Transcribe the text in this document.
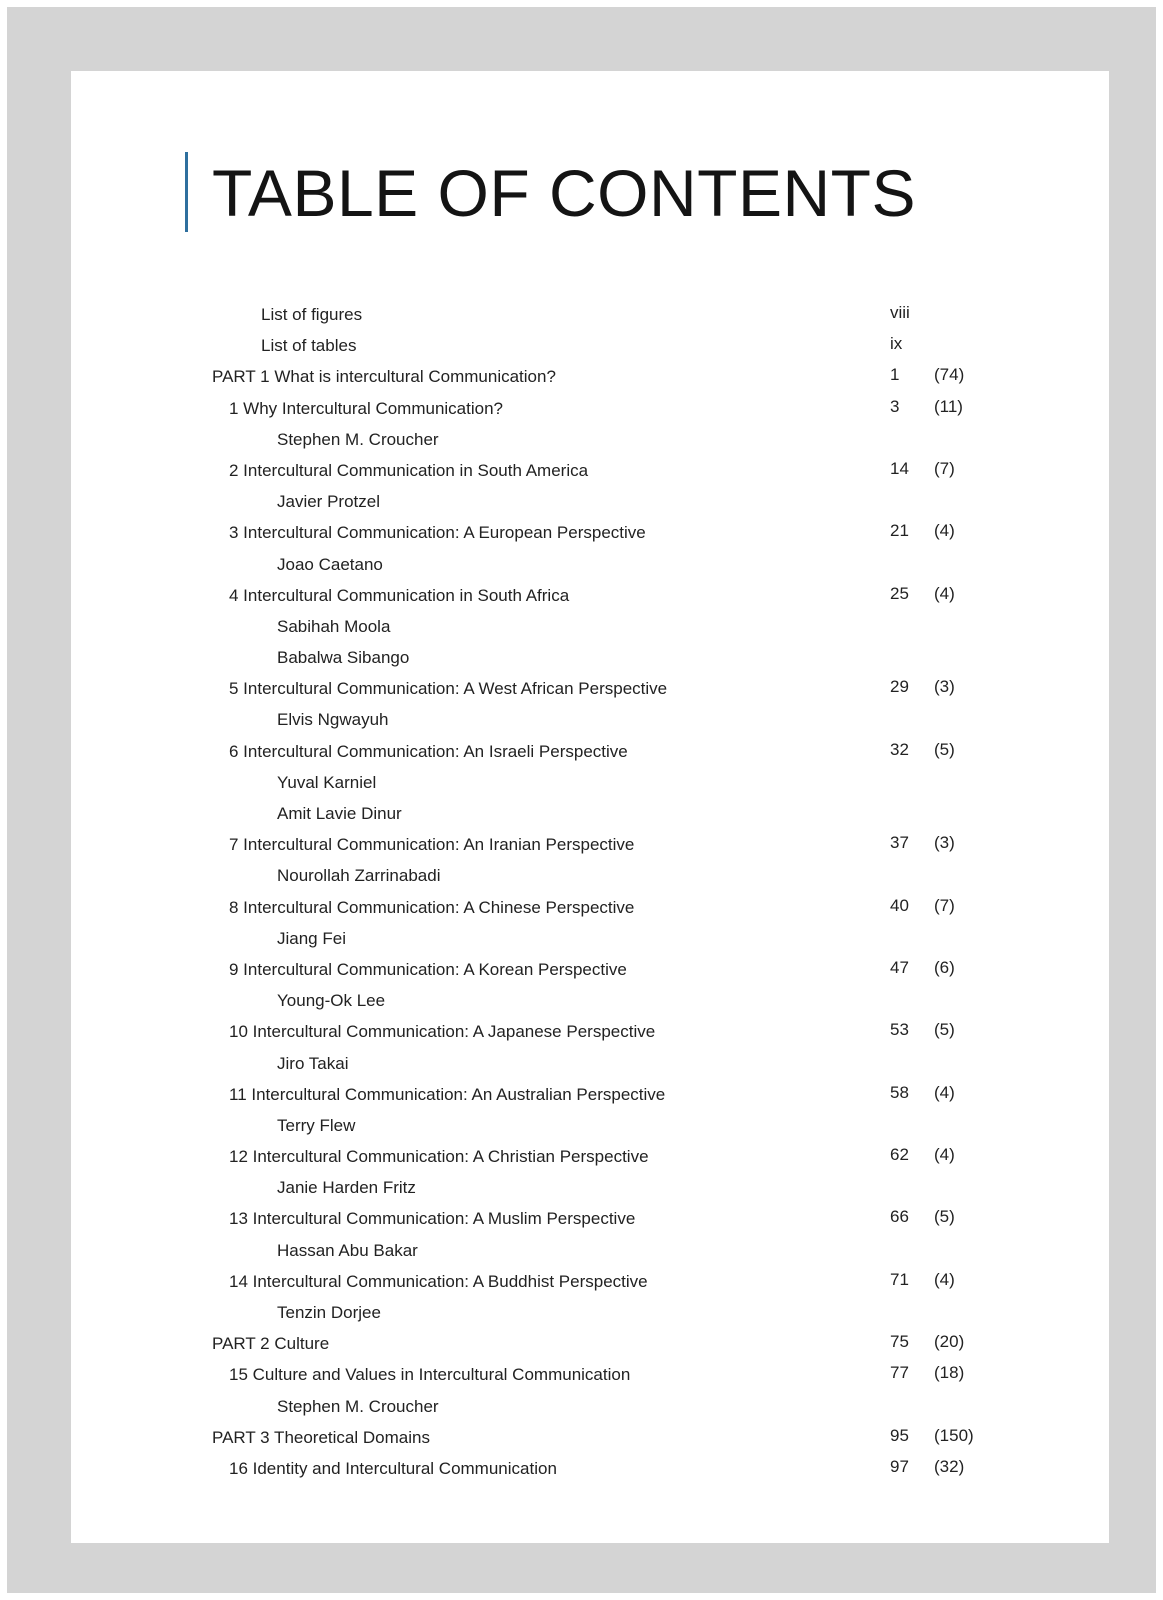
TABLE OF CONTENTS
List of figures	viii
List of tables	ix
PART 1 What is intercultural Communication?	1 (74)
1 Why Intercultural Communication?	3 (11)
Stephen M. Croucher
2 Intercultural Communication in South America	14 (7)
Javier Protzel
3 Intercultural Communication: A European Perspective	21 (4)
Joao Caetano
4 Intercultural Communication in South Africa	25 (4)
Sabihah Moola
Babalwa Sibango
5 Intercultural Communication: A West African Perspective	29 (3)
Elvis Ngwayuh
6 Intercultural Communication: An Israeli Perspective	32 (5)
Yuval Karniel
Amit Lavie Dinur
7 Intercultural Communication: An Iranian Perspective	37 (3)
Nourollah Zarrinabadi
8 Intercultural Communication: A Chinese Perspective	40 (7)
Jiang Fei
9 Intercultural Communication: A Korean Perspective	47 (6)
Young-Ok Lee
10 Intercultural Communication: A Japanese Perspective	53 (5)
Jiro Takai
11 Intercultural Communication: An Australian Perspective	58 (4)
Terry Flew
12 Intercultural Communication: A Christian Perspective	62 (4)
Janie Harden Fritz
13 Intercultural Communication: A Muslim Perspective	66 (5)
Hassan Abu Bakar
14 Intercultural Communication: A Buddhist Perspective	71 (4)
Tenzin Dorjee
PART 2 Culture	75 (20)
15 Culture and Values in Intercultural Communication	77 (18)
Stephen M. Croucher
PART 3 Theoretical Domains	95 (150)
16 Identity and Intercultural Communication	97 (32)
